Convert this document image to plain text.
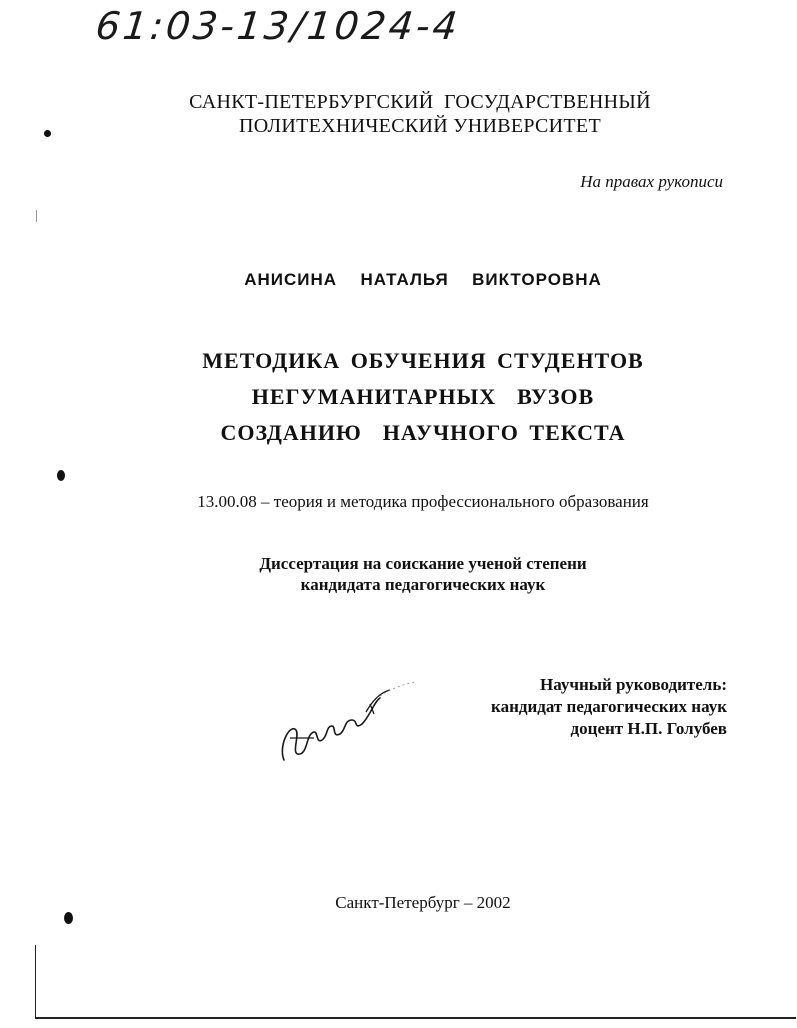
61:03-13/1024-4
САНКТ-ПЕТЕРБУРГСКИЙ  ГОСУДАРСТВЕННЫЙ
ПОЛИТЕХНИЧЕСКИЙ УНИВЕРСИТЕТ
На правах рукописи
АНИСИНА  НАТАЛЬЯ  ВИКТОРОВНА
МЕТОДИКА ОБУЧЕНИЯ СТУДЕНТОВ
НЕГУМАНИТАРНЫХ  ВУЗОВ
СОЗДАНИЮ  НАУЧНОГО ТЕКСТА
13.00.08 – теория и методика профессионального образования
Диссертация на соискание ученой степени
кандидата педагогических наук
Научный руководитель:
кандидат педагогических наук
доцент Н.П. Голубев
Санкт-Петербург – 2002
